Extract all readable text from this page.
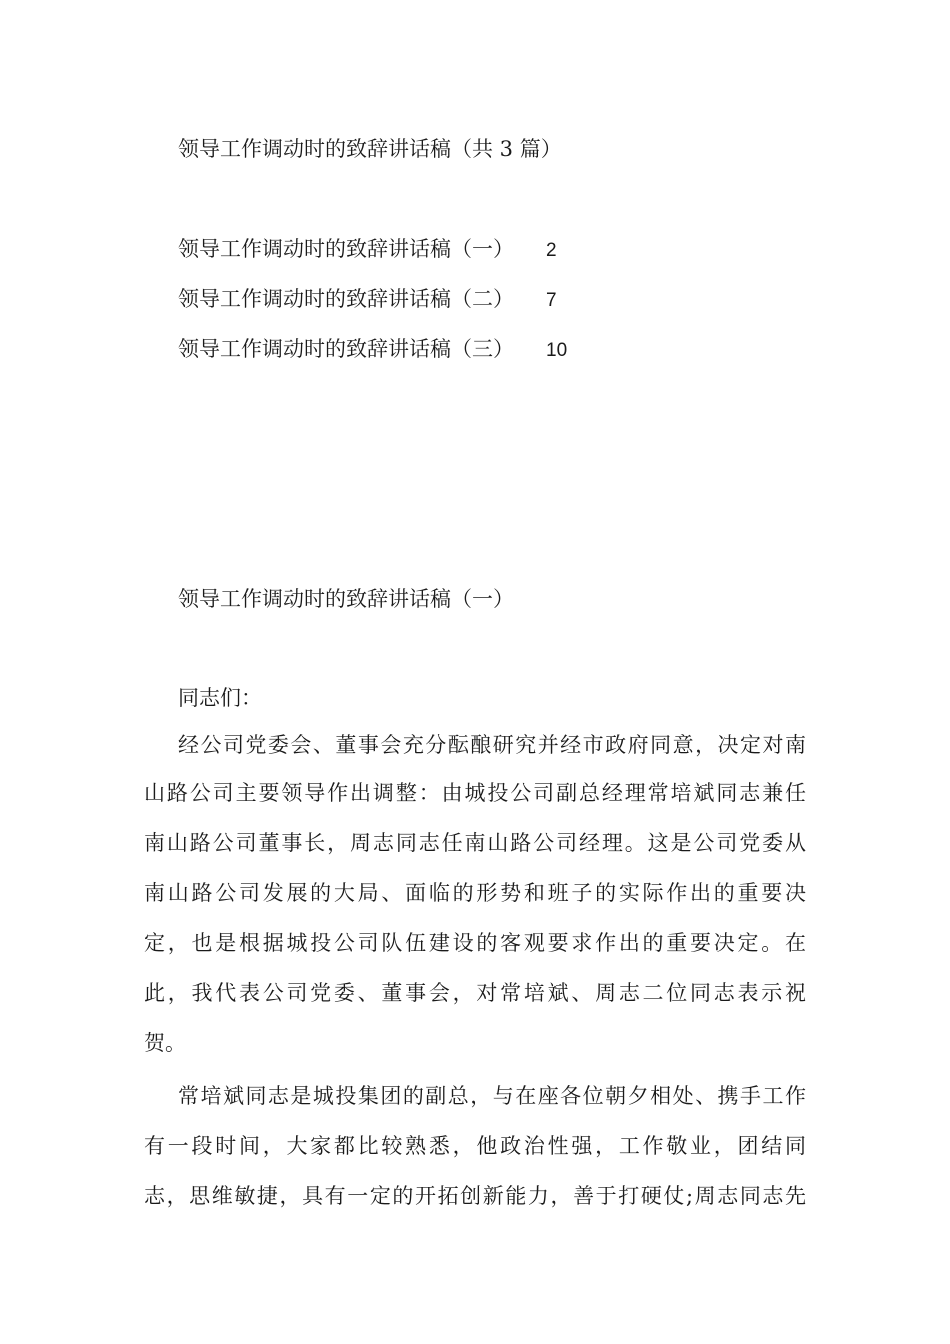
领导工作调动时的致辞讲话稿（共 3 篇）
领导工作调动时的致辞讲话稿（一） 2
领导工作调动时的致辞讲话稿（二） 7
领导工作调动时的致辞讲话稿（三） 10
领导工作调动时的致辞讲话稿（一）
同志们：
经公司党委会、董事会充分酝酿研究并经市政府同意，决定对南
山路公司主要领导作出调整：由城投公司副总经理常培斌同志兼任
南山路公司董事长，周志同志任南山路公司经理。这是公司党委从
南山路公司发展的大局、面临的形势和班子的实际作出的重要决
定，也是根据城投公司队伍建设的客观要求作出的重要决定。在
此，我代表公司党委、董事会，对常培斌、周志二位同志表示祝
贺。
常培斌同志是城投集团的副总，与在座各位朝夕相处、携手工作
有一段时间，大家都比较熟悉，他政治性强，工作敬业，团结同
志，思维敏捷，具有一定的开拓创新能力，善于打硬仗;周志同志先
